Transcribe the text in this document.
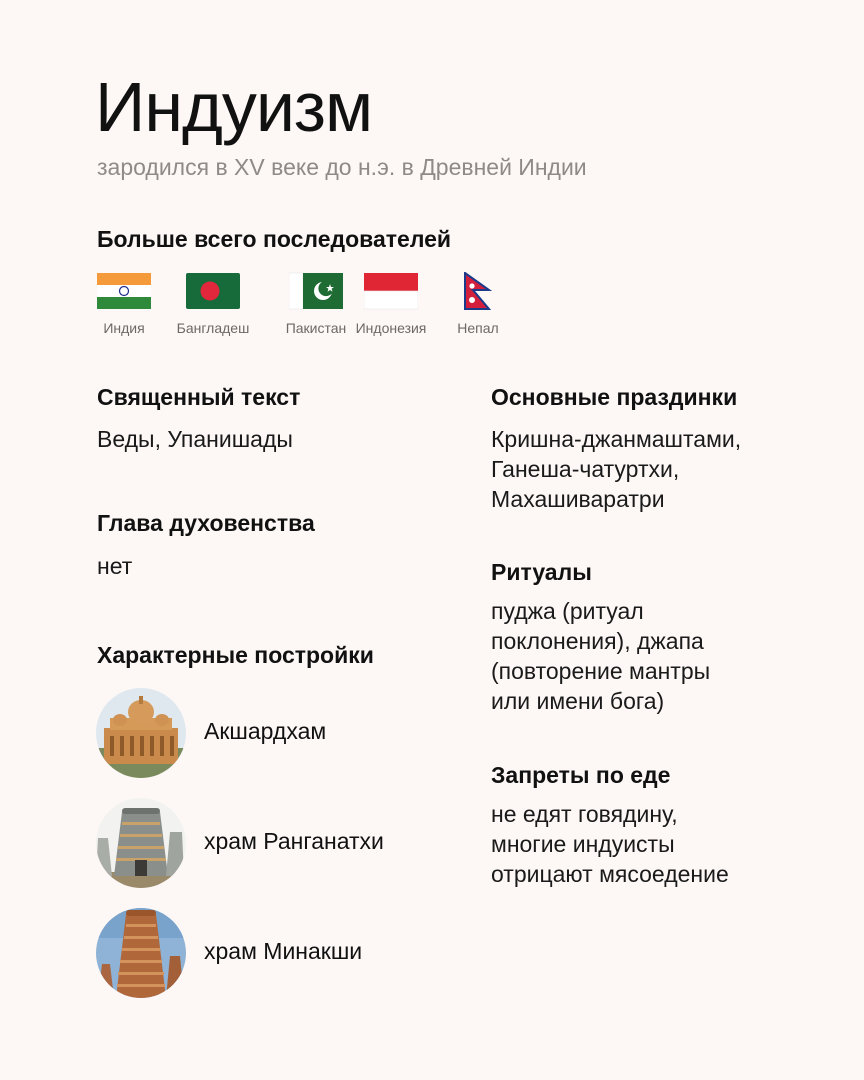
Индуизм

зародился в XV веке до н.э. в Древней Индии

Больше всего последователей
Индия	Бангладеш	Пакистан Индонезия	Непал
Священный текст

Веды, Упанишады

Глава духовенства

нет

Характерные постройки
Акшардхам
храм Ранганатхи
храм Минакши
Основные праздинки
Кришна-джанмаштами,
Ганеша-чатуртхи,
Махашиваратри
Ритуалы
пуджа (ритуал
поклонения), джапа
(повторение мантры
или имени бога)
Запреты по еде
не едят говядину,
многие индуисты
отрицают мясоедение
